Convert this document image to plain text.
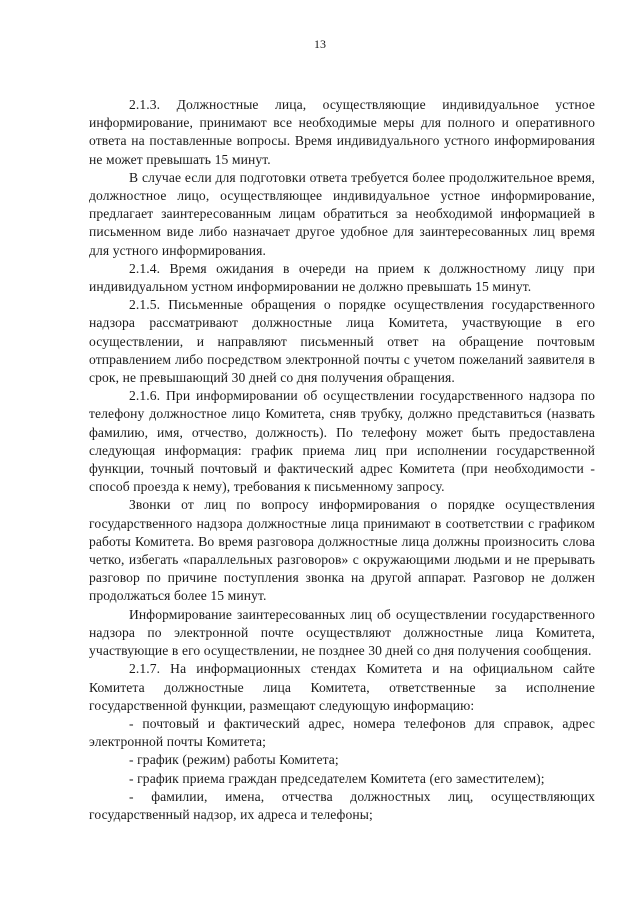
13

2.1.3. Должностные лица, осуществляющие индивидуальное устное информирование, принимают все необходимые меры для полного и оперативного ответа на поставленные вопросы. Время индивидуального устного информирования не может превышать 15 минут.

В случае если для подготовки ответа требуется более продолжительное время, должностное лицо, осуществляющее индивидуальное устное информирование, предлагает заинтересованным лицам обратиться за необходимой информацией в письменном виде либо назначает другое удобное для заинтересованных лиц время для устного информирования.

2.1.4. Время ожидания в очереди на прием к должностному лицу при индивидуальном устном информировании не должно превышать 15 минут.

2.1.5. Письменные обращения о порядке осуществления государственного надзора рассматривают должностные лица Комитета, участвующие в его осуществлении, и направляют письменный ответ на обращение почтовым отправлением либо посредством электронной почты с учетом пожеланий заявителя в срок, не превышающий 30 дней со дня получения обращения.

2.1.6. При информировании об осуществлении государственного надзора по телефону должностное лицо Комитета, сняв трубку, должно представиться (назвать фамилию, имя, отчество, должность). По телефону может быть предоставлена следующая информация: график приема лиц при исполнении государственной функции, точный почтовый и фактический адрес Комитета (при необходимости - способ проезда к нему), требования к письменному запросу.

Звонки от лиц по вопросу информирования о порядке осуществления государственного надзора должностные лица принимают в соответствии с графиком работы Комитета. Во время разговора должностные лица должны произносить слова четко, избегать «параллельных разговоров» с окружающими людьми и не прерывать разговор по причине поступления звонка на другой аппарат. Разговор не должен продолжаться более 15 минут.

Информирование заинтересованных лиц об осуществлении государственного надзора по электронной почте осуществляют должностные лица Комитета, участвующие в его осуществлении, не позднее 30 дней со дня получения сообщения.

2.1.7. На информационных стендах Комитета и на официальном сайте Комитета должностные лица Комитета, ответственные за исполнение государственной функции, размещают следующую информацию:

- почтовый и фактический адрес, номера телефонов для справок, адрес электронной почты Комитета;

- график (режим) работы Комитета;

- график приема граждан председателем Комитета (его заместителем);

- фамилии, имена, отчества должностных лиц, осуществляющих государственный надзор, их адреса и телефоны;
